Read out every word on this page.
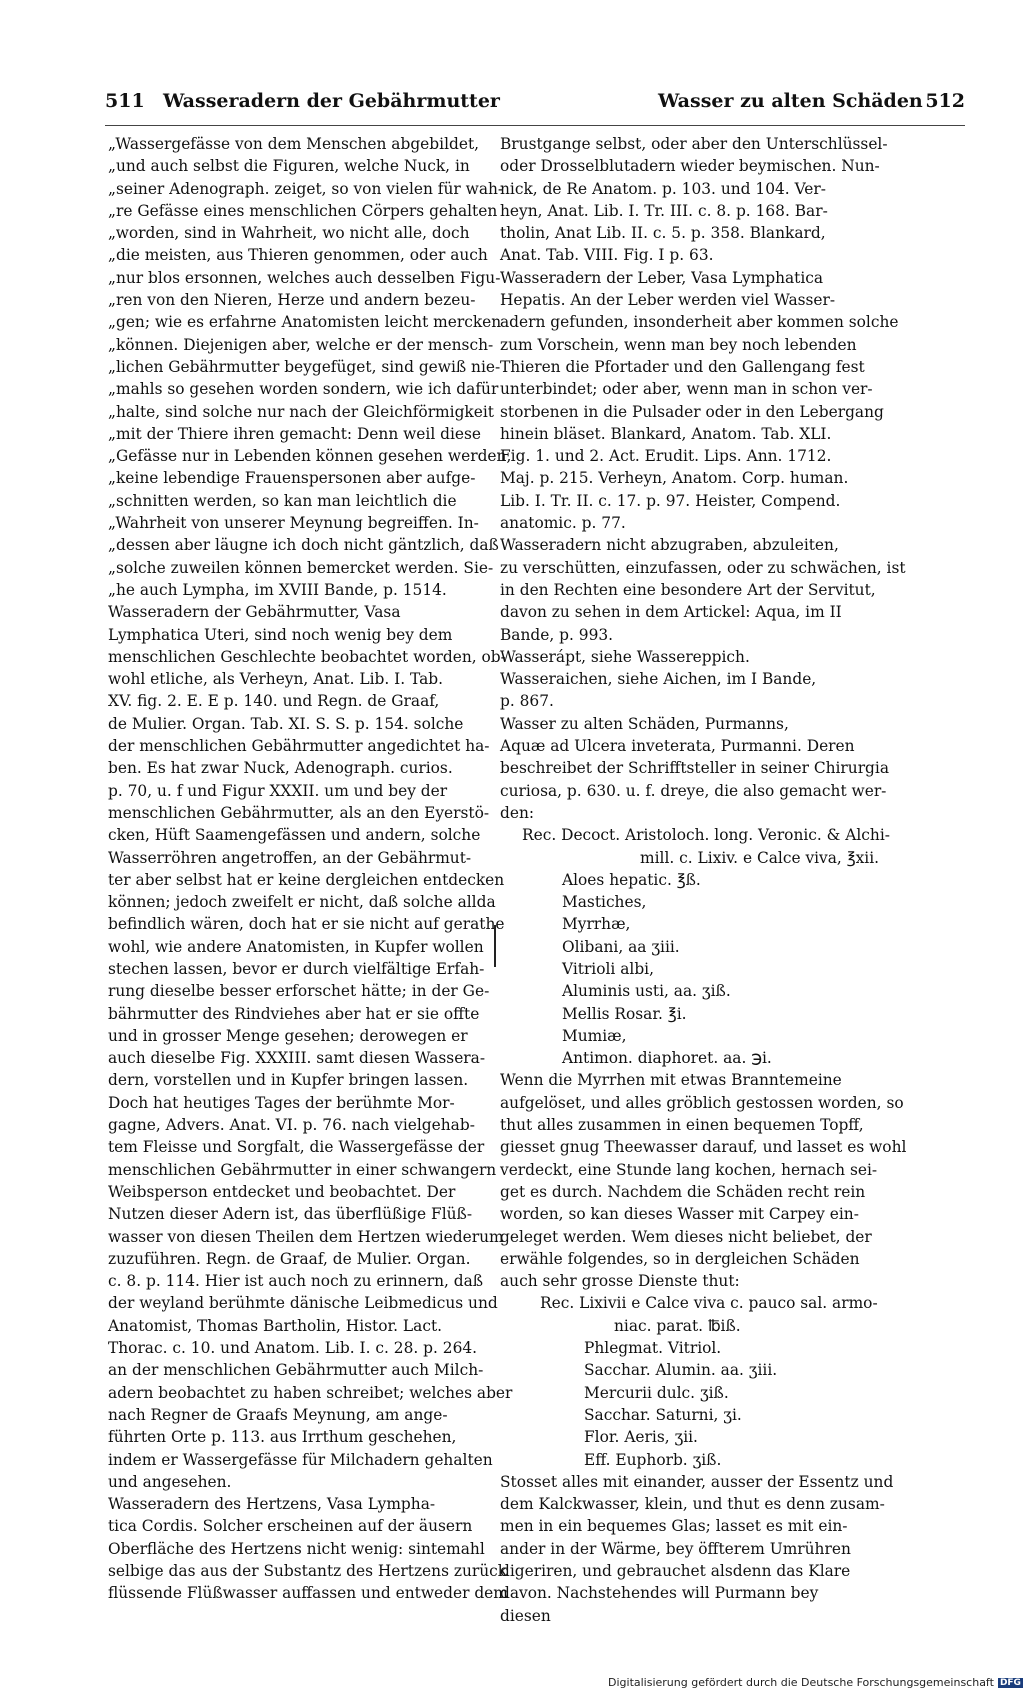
511 Wasseradern der Gebährmutter	Wasser zu alten Schäden 512
„Wassergefässe von dem Menschen abgebildet,
„und auch selbst die Figuren, welche Nuck, in
„seiner Adenograph. zeiget, so von vielen für wah-
„re Gefässe eines menschlichen Cörpers gehalten
„worden, sind in Wahrheit, wo nicht alle, doch
„die meisten, aus Thieren genommen, oder auch
„nur blos ersonnen, welches auch desselben Figu-
„ren von den Nieren, Herze und andern bezeu-
„gen; wie es erfahrne Anatomisten leicht mercken
„können. Diejenigen aber, welche er der mensch-
„lichen Gebährmutter beygefüget, sind gewiß nie-
„mahls so gesehen worden sondern, wie ich dafür
„halte, sind solche nur nach der Gleichförmigkeit
„mit der Thiere ihren gemacht: Denn weil diese
„Gefässe nur in Lebenden können gesehen werden,
„keine lebendige Frauenspersonen aber aufge-
„schnitten werden, so kan man leichtlich die
„Wahrheit von unserer Meynung begreiffen. In-
„dessen aber läugne ich doch nicht gäntzlich, daß
„solche zuweilen können bemercket werden. Sie-
„he auch Lympha, im XVIII Bande, p. 1514.
Wasseradern der Gebährmutter, Vasa
Lymphatica Uteri, sind noch wenig bey dem
menschlichen Geschlechte beobachtet worden, ob-
wohl etliche, als Verheyn, Anat. Lib. I. Tab.
XV. fig. 2. E. E p. 140. und Regn. de Graaf,
de Mulier. Organ. Tab. XI. S. S. p. 154. solche
der menschlichen Gebährmutter angedichtet ha-
ben. Es hat zwar Nuck, Adenograph. curios.
p. 70, u. f und Figur XXXII. um und bey der
menschlichen Gebährmutter, als an den Eyerstö-
cken, Hüft Saamengefässen und andern, solche
Wasserröhren angetroffen, an der Gebährmut-
ter aber selbst hat er keine dergleichen entdecken
können; jedoch zweifelt er nicht, daß solche allda
befindlich wären, doch hat er sie nicht auf gerathe
wohl, wie andere Anatomisten, in Kupfer wollen
stechen lassen, bevor er durch vielfältige Erfah-
rung dieselbe besser erforschet hätte; in der Ge-
bährmutter des Rindviehes aber hat er sie offte
und in grosser Menge gesehen; derowegen er
auch dieselbe Fig. XXXIII. samt diesen Wassera-
dern, vorstellen und in Kupfer bringen lassen.
Doch hat heutiges Tages der berühmte Mor-
gagne, Advers. Anat. VI. p. 76. nach vielgehab-
tem Fleisse und Sorgfalt, die Wassergefässe der
menschlichen Gebährmutter in einer schwangern
Weibsperson entdecket und beobachtet. Der
Nutzen dieser Adern ist, das überflüßige Flüß-
wasser von diesen Theilen dem Hertzen wiederum
zuzuführen. Regn. de Graaf, de Mulier. Organ.
c. 8. p. 114. Hier ist auch noch zu erinnern, daß
der weyland berühmte dänische Leibmedicus und
Anatomist, Thomas Bartholin, Histor. Lact.
Thorac. c. 10. und Anatom. Lib. I. c. 28. p. 264.
an der menschlichen Gebährmutter auch Milch-
adern beobachtet zu haben schreibet; welches aber
nach Regner de Graafs Meynung, am ange-
führten Orte p. 113. aus Irrthum geschehen,
indem er Wassergefässe für Milchadern gehalten
und angesehen.
Wasseradern des Hertzens, Vasa Lympha-
tica Cordis. Solcher erscheinen auf der äusern
Oberfläche des Hertzens nicht wenig: sintemahl
selbige das aus der Substantz des Hertzens zurück
flüssende Flüßwasser auffassen und entweder dem
Brustgange selbst, oder aber den Unterschlüssel-
oder Drosselblutadern wieder beymischen. Nun-
nick, de Re Anatom. p. 103. und 104. Ver-
heyn, Anat. Lib. I. Tr. III. c. 8. p. 168. Bar-
tholin, Anat Lib. II. c. 5. p. 358. Blankard,
Anat. Tab. VIII. Fig. I p. 63.
Wasseradern der Leber, Vasa Lymphatica
Hepatis. An der Leber werden viel Wasser-
adern gefunden, insonderheit aber kommen solche
zum Vorschein, wenn man bey noch lebenden
Thieren die Pfortader und den Gallengang fest
unterbindet; oder aber, wenn man in schon ver-
storbenen in die Pulsader oder in den Lebergang
hinein bläset. Blankard, Anatom. Tab. XLI.
Fig. 1. und 2. Act. Erudit. Lips. Ann. 1712.
Maj. p. 215. Verheyn, Anatom. Corp. human.
Lib. I. Tr. II. c. 17. p. 97. Heister, Compend.
anatomic. p. 77.
Wasseradern nicht abzugraben, abzuleiten,
zu verschütten, einzufassen, oder zu schwächen, ist
in den Rechten eine besondere Art der Servitut,
davon zu sehen in dem Artickel: Aqua, im II
Bande, p. 993.
Wasserápt, siehe Wassereppich.
Wasseraichen, siehe Aichen, im I Bande,
p. 867.
Wasser zu alten Schäden, Purmanns,
Aquæ ad Ulcera inveterata, Purmanni. Deren
beschreibet der Schrifftsteller in seiner Chirurgia
curiosa, p. 630. u. f. dreye, die also gemacht wer-
den:
Rec. Decoct. Aristoloch. long. Veronic. & Alchi-
mill. c. Lixiv. e Calce viva, ℥xii.
Aloes hepatic. ℥ß.
Mastiches,
Myrrhæ,
Olibani, aa ʒiii.
Vitrioli albi,
Aluminis usti, aa. ʒiß.
Mellis Rosar. ℥i.
Mumiæ,
Antimon. diaphoret. aa. ℈i.
Wenn die Myrrhen mit etwas Branntemeine
aufgelöset, und alles gröblich gestossen worden, so
thut alles zusammen in einen bequemen Topff,
giesset gnug Theewasser darauf, und lasset es wohl
verdeckt, eine Stunde lang kochen, hernach sei-
get es durch. Nachdem die Schäden recht rein
worden, so kan dieses Wasser mit Carpey ein-
geleget werden. Wem dieses nicht beliebet, der
erwähle folgendes, so in dergleichen Schäden
auch sehr grosse Dienste thut:
Rec. Lixivii e Calce viva c. pauco sal. armo-
niac. parat. ℔iß.
Phlegmat. Vitriol.
Sacchar. Alumin. aa. ʒiii.
Mercurii dulc. ʒiß.
Sacchar. Saturni, ʒi.
Flor. Aeris, ʒii.
Eff. Euphorb. ʒiß.
Stosset alles mit einander, ausser der Essentz und
dem Kalckwasser, klein, und thut es denn zusam-
men in ein bequemes Glas; lasset es mit ein-
ander in der Wärme, bey öffterem Umrühren
digeriren, und gebrauchet alsdenn das Klare
davon. Nachstehendes will Purmann bey
diesen
Digitalisierung gefördert durch die Deutsche Forschungsgemeinschaft DFG
